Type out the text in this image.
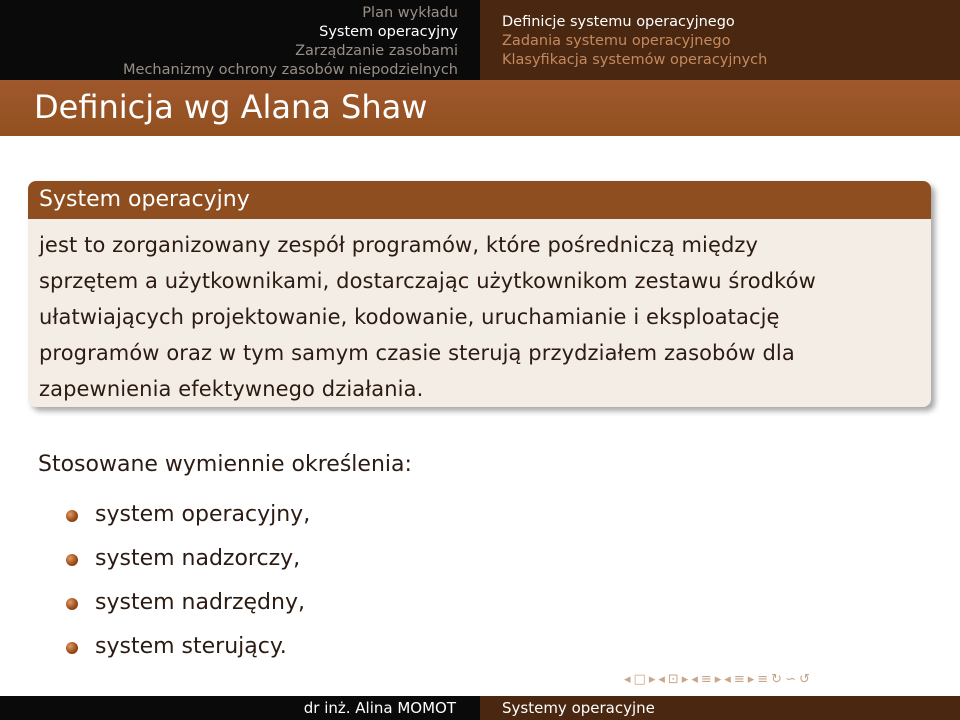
Plan wykładu
System operacyjny
Zarządzanie zasobami
Mechanizmy ochrony zasobów niepodzielnych
Definicje systemu operacyjnego
Zadania systemu operacyjnego
Klasyfikacja systemów operacyjnych
Definicja wg Alana Shaw
System operacyjny
jest to zorganizowany zespół programów, które pośredniczą między
sprzętem a użytkownikami, dostarczając użytkownikom zestawu środków
ułatwiających projektowanie, kodowanie, uruchamianie i eksploatację
programów oraz w tym samym czasie sterują przydziałem zasobów dla
zapewnienia efektywnego działania.
Stosowane wymiennie określenia:
system operacyjny,
system nadzorczy,
system nadrzędny,
system sterujący.
◂ □ ▸ ◂ ⊡ ▸ ◂ ≡ ▸ ◂ ≡ ▸ ≡ ↻ ∽ ↺
dr inż. Alina MOMOT	Systemy operacyjne
